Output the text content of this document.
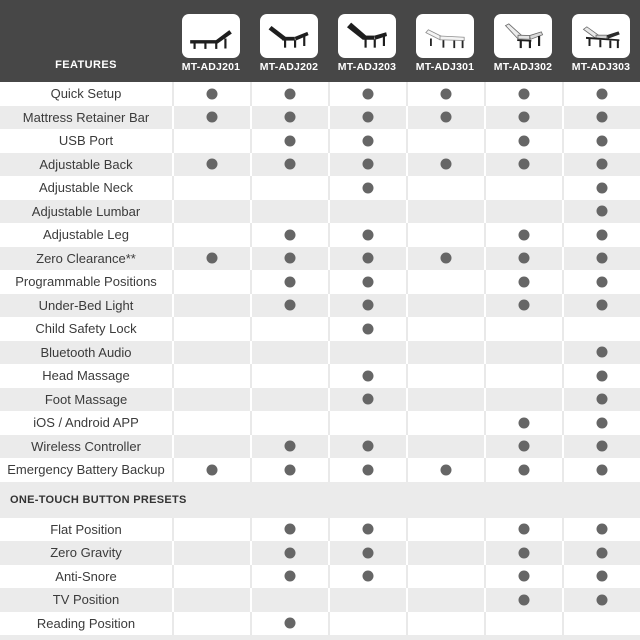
FEATURES	MT-ADJ201 MT-ADJ202 MT-ADJ203 MT-ADJ301 MT-ADJ302 MT-ADJ303
Quick Setup
Mattress Retainer Bar
USB Port
Adjustable Back
Adjustable Neck
Adjustable Lumbar
Adjustable Leg
Zero Clearance**
Programmable Positions
Under-Bed Light
Child Safety Lock
Bluetooth Audio
Head Massage
Foot Massage
iOS / Android APP
Wireless Controller
Emergency Battery Backup
ONE-TOUCH BUTTON PRESETS
Flat Position
Zero Gravity
Anti-Snore
TV Position
Reading Position
